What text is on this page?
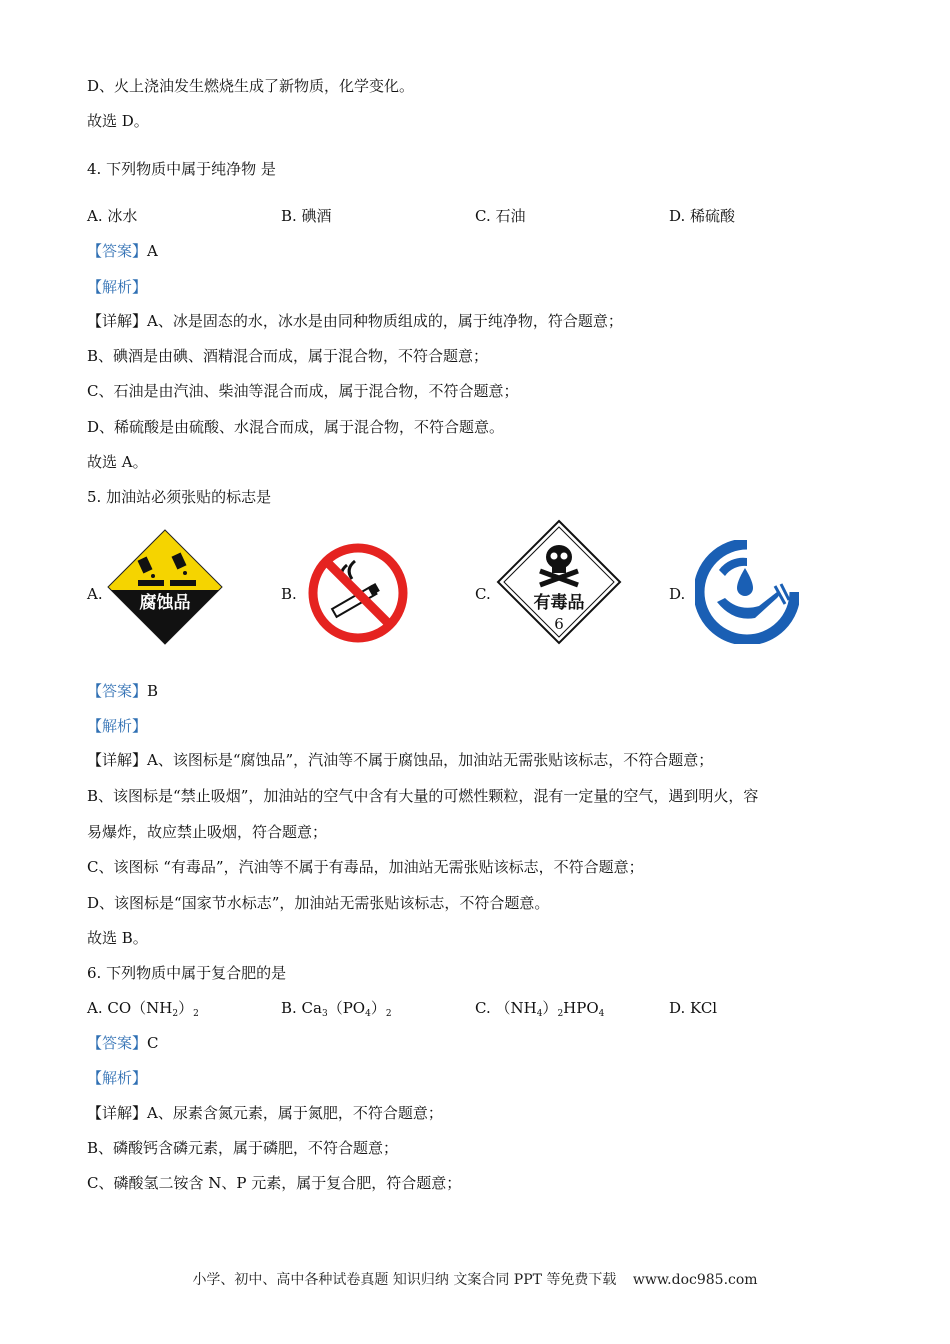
D、火上浇油发生燃烧生成了新物质，化学变化。
故选 D。
4. 下列物质中属于纯净物 是
A. 冰水	B. 碘酒	C. 石油	D. 稀硫酸
【答案】A
【解析】
【详解】A、冰是固态的水，冰水是由同种物质组成的，属于纯净物，符合题意；
B、碘酒是由碘、酒精混合而成，属于混合物，不符合题意；
C、石油是由汽油、柴油等混合而成，属于混合物，不符合题意；
D、稀硫酸是由硫酸、水混合而成，属于混合物，不符合题意。
故选 A。
5. 加油站必须张贴的标志是
A.	B.	C.	D.
腐蚀品	有毒品
6
【答案】B
【解析】
【详解】A、该图标是“腐蚀品”，汽油等不属于腐蚀品，加油站无需张贴该标志，不符合题意；
B、该图标是“禁止吸烟”，加油站的空气中含有大量的可燃性颗粒，混有一定量的空气，遇到明火，容
易爆炸，故应禁止吸烟，符合题意；
C、该图标 “有毒品”，汽油等不属于有毒品，加油站无需张贴该标志，不符合题意；
D、该图标是“国家节水标志”，加油站无需张贴该标志，不符合题意。
故选 B。
6. 下列物质中属于复合肥的是
A. $CO(NH_2)_2$	B. $Ca_3(PO_4)_2$	C. $(NH_4)_2HPO_4$	D. KCl
【答案】C
【解析】
【详解】A、尿素含氮元素，属于氮肥，不符合题意；
B、磷酸钙含磷元素，属于磷肥，不符合题意；
C、磷酸氢二铵含 N、P 元素，属于复合肥，符合题意；
小学、初中、高中各种试卷真题 知识归纳 文案合同 PPT 等免费下载 www.doc985.com
